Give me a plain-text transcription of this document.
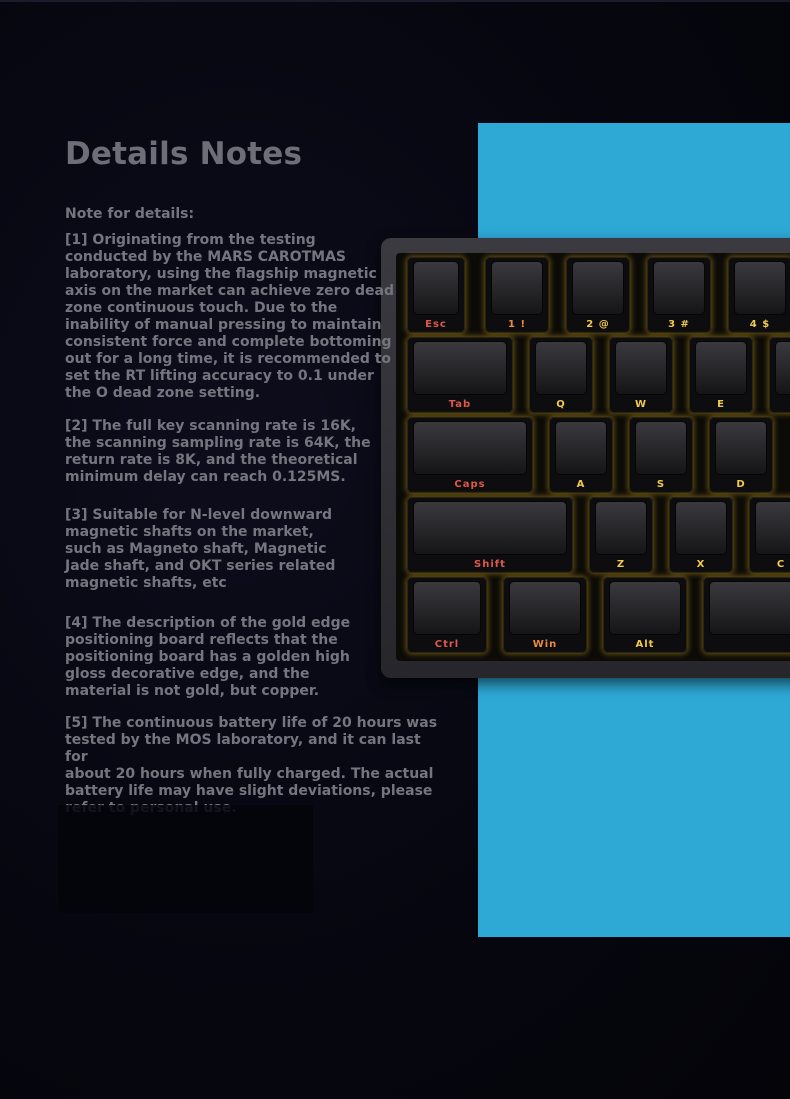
Esc	1 !	2 @	3 #	4 $
Tab	Q	W	E
Caps	A	S	D
Shift	Z	X	C
Ctrl	Win	Alt
Details Notes

Note for details:

[1] Originating from the testing
conducted by the MARS CAROTMAS
laboratory, using the flagship magnetic
axis on the market can achieve zero dead
zone continuous touch. Due to the
inability of manual pressing to maintain
consistent force and complete bottoming
out for a long time, it is recommended to
set the RT lifting accuracy to 0.1 under
the O dead zone setting.

[2] The full key scanning rate is 16K,
the scanning sampling rate is 64K, the
return rate is 8K, and the theoretical
minimum delay can reach 0.125MS.

[3] Suitable for N-level downward
magnetic shafts on the market,
such as Magneto shaft, Magnetic
Jade shaft, and OKT series related
magnetic shafts, etc

[4] The description of the gold edge
positioning board reflects that the
positioning board has a golden high
gloss decorative edge, and the
material is not gold, but copper.

[5] The continuous battery life of 20 hours was
tested by the MOS laboratory, and it can last for
about 20 hours when fully charged. The actual
battery life may have slight deviations, please
